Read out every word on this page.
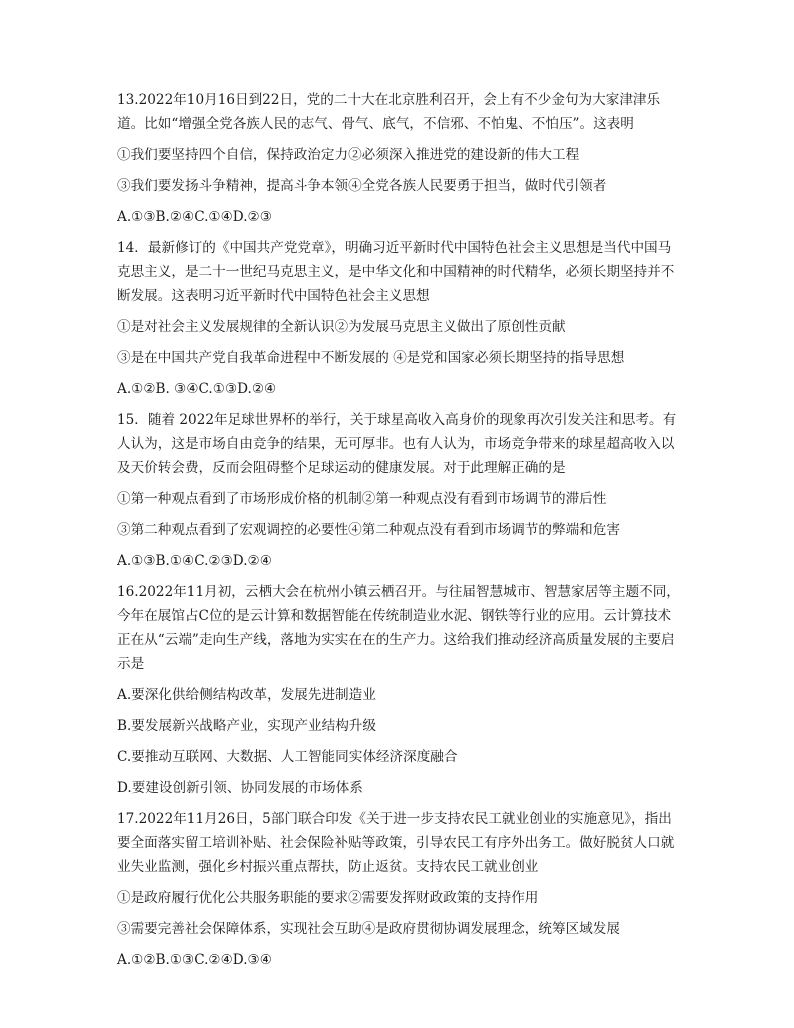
13.2022年10月16日到22日，党的二十大在北京胜利召开，会上有不少金句为大家津津乐道。比如“增强全党各族人民的志气、骨气、底气，不信邪、不怕鬼、不怕压”。这表明

①我们要坚持四个自信，保持政治定力②必须深入推进党的建设新的伟大工程

③我们要发扬斗争精神，提高斗争本领④全党各族人民要勇于担当，做时代引领者

A.①③B.②④C.①④D.②③

14．最新修订的《中国共产党党章》，明确习近平新时代中国特色社会主义思想是当代中国马克思主义，是二十一世纪马克思主义，是中华文化和中国精神的时代精华，必须长期坚持并不断发展。这表明习近平新时代中国特色社会主义思想

①是对社会主义发展规律的全新认识②为发展马克思主义做出了原创性贡献

③是在中国共产党自我革命进程中不断发展的 ④是党和国家必须长期坚持的指导思想

A.①②B. ③④C.①③D.②④

15．随着 2022年足球世界杯的举行，关于球星高收入高身价的现象再次引发关注和思考。有人认为，这是市场自由竞争的结果，无可厚非。也有人认为，市场竞争带来的球星超高收入以及天价转会费，反而会阻碍整个足球运动的健康发展。对于此理解正确的是

①第一种观点看到了市场形成价格的机制②第一种观点没有看到市场调节的滞后性

③第二种观点看到了宏观调控的必要性④第二种观点没有看到市场调节的弊端和危害

A.①③B.①④C.②③D.②④

16.2022年11月初，云栖大会在杭州小镇云栖召开。与往届智慧城市、智慧家居等主题不同，今年在展馆占C位的是云计算和数据智能在传统制造业水泥、钢铁等行业的应用。云计算技术正在从“云端”走向生产线，落地为实实在在的生产力。这给我们推动经济高质量发展的主要启示是

A.要深化供给侧结构改革，发展先进制造业

B.要发展新兴战略产业，实现产业结构升级

C.要推动互联网、大数据、人工智能同实体经济深度融合

D.要建设创新引领、协同发展的市场体系

17.2022年11月26日，5部门联合印发《关于进一步支持农民工就业创业的实施意见》，指出要全面落实留工培训补贴、社会保险补贴等政策，引导农民工有序外出务工。做好脱贫人口就业失业监测，强化乡村振兴重点帮扶，防止返贫。支持农民工就业创业

①是政府履行优化公共服务职能的要求②需要发挥财政政策的支持作用

③需要完善社会保障体系，实现社会互助④是政府贯彻协调发展理念，统筹区域发展

A.①②B.①③C.②④D.③④
